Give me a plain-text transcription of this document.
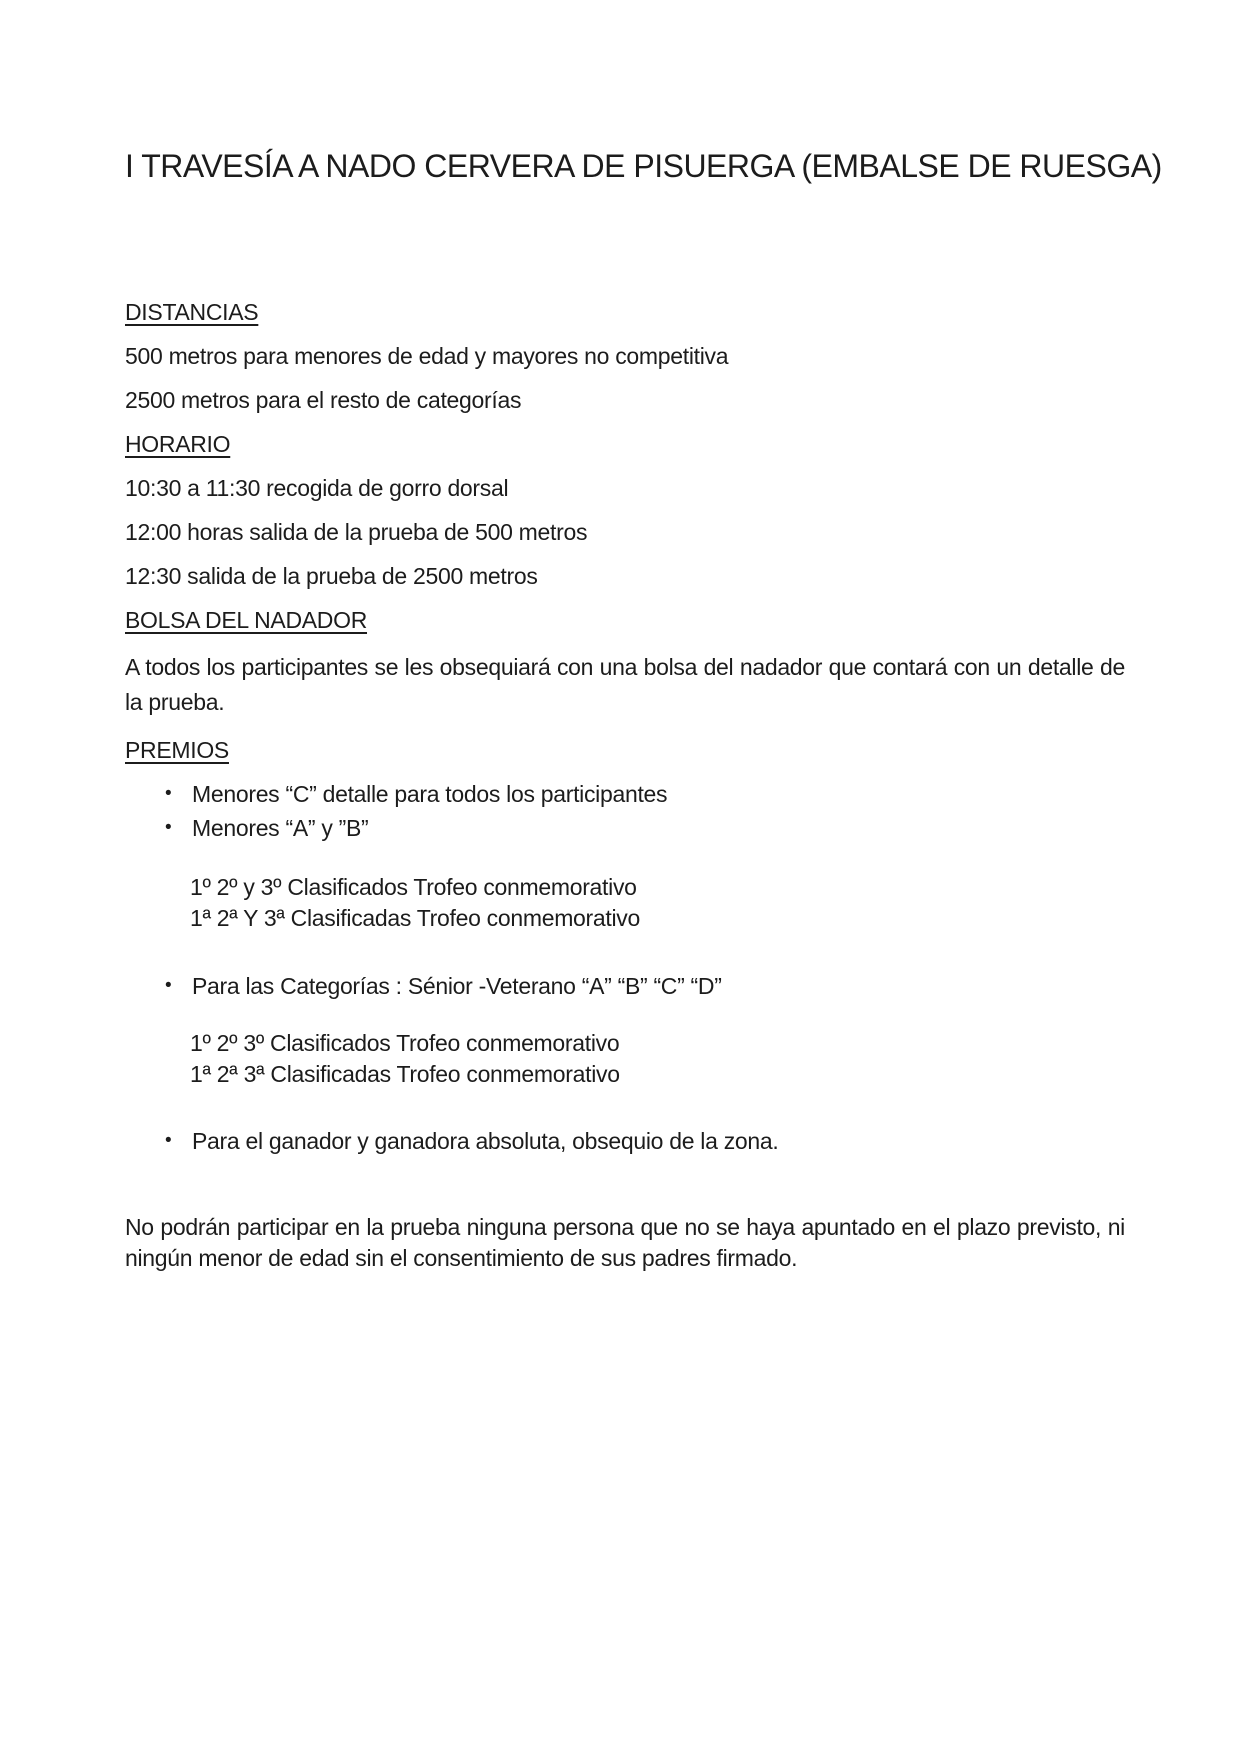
I TRAVESÍA A NADO CERVERA DE PISUERGA (EMBALSE DE RUESGA)
DISTANCIAS

500 metros para menores de edad y mayores no competitiva

2500 metros para el resto de categorías

HORARIO

10:30 a 11:30 recogida de gorro dorsal

12:00 horas salida de la prueba de 500 metros

12:30 salida de la prueba de 2500 metros

BOLSA DEL NADADOR

A todos los participantes se les obsequiará con una bolsa del nadador que contará con un detalle de la prueba.

PREMIOS
• Menores “C” detalle para todos los participantes
• Menores “A” y ”B”

1º 2º y 3º Clasificados Trofeo conmemorativo

1ª 2ª Y 3ª Clasificadas Trofeo conmemorativo

• Para las Categorías : Sénior -Veterano “A” “B” “C” “D”

1º 2º 3º Clasificados Trofeo conmemorativo

1ª 2ª 3ª Clasificadas Trofeo conmemorativo

• Para el ganador y ganadora absoluta, obsequio de la zona.

No podrán participar en la prueba ninguna persona que no se haya apuntado en el plazo previsto, ni ningún menor de edad sin el consentimiento de sus padres firmado.
